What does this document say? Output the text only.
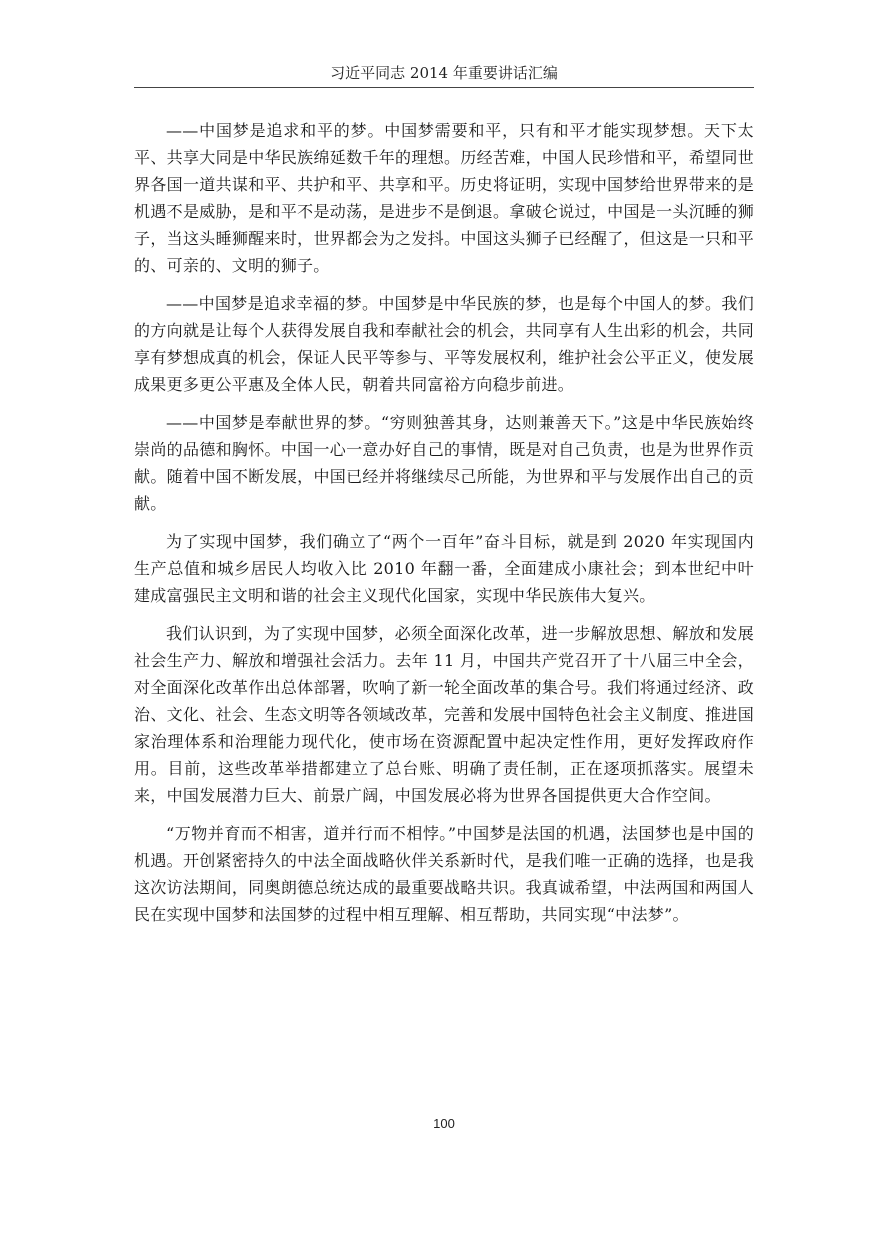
习近平同志 2014 年重要讲话汇编

——中国梦是追求和平的梦。中国梦需要和平，只有和平才能实现梦想。天下太平、共享大同是中华民族绵延数千年的理想。历经苦难，中国人民珍惜和平，希望同世界各国一道共谋和平、共护和平、共享和平。历史将证明，实现中国梦给世界带来的是机遇不是威胁，是和平不是动荡，是进步不是倒退。拿破仑说过，中国是一头沉睡的狮子，当这头睡狮醒来时，世界都会为之发抖。中国这头狮子已经醒了，但这是一只和平的、可亲的、文明的狮子。

——中国梦是追求幸福的梦。中国梦是中华民族的梦，也是每个中国人的梦。我们的方向就是让每个人获得发展自我和奉献社会的机会，共同享有人生出彩的机会，共同享有梦想成真的机会，保证人民平等参与、平等发展权利，维护社会公平正义，使发展成果更多更公平惠及全体人民，朝着共同富裕方向稳步前进。

——中国梦是奉献世界的梦。“穷则独善其身，达则兼善天下。”这是中华民族始终崇尚的品德和胸怀。中国一心一意办好自己的事情，既是对自己负责，也是为世界作贡献。随着中国不断发展，中国已经并将继续尽己所能，为世界和平与发展作出自己的贡献。

为了实现中国梦，我们确立了“两个一百年”奋斗目标，就是到 2020 年实现国内生产总值和城乡居民人均收入比 2010 年翻一番，全面建成小康社会；到本世纪中叶建成富强民主文明和谐的社会主义现代化国家，实现中华民族伟大复兴。

我们认识到，为了实现中国梦，必须全面深化改革，进一步解放思想、解放和发展社会生产力、解放和增强社会活力。去年 11 月，中国共产党召开了十八届三中全会，对全面深化改革作出总体部署，吹响了新一轮全面改革的集合号。我们将通过经济、政治、文化、社会、生态文明等各领域改革，完善和发展中国特色社会主义制度、推进国家治理体系和治理能力现代化，使市场在资源配置中起决定性作用，更好发挥政府作用。目前，这些改革举措都建立了总台账、明确了责任制，正在逐项抓落实。展望未来，中国发展潜力巨大、前景广阔，中国发展必将为世界各国提供更大合作空间。

“万物并育而不相害，道并行而不相悖。”中国梦是法国的机遇，法国梦也是中国的机遇。开创紧密持久的中法全面战略伙伴关系新时代，是我们唯一正确的选择，也是我这次访法期间，同奥朗德总统达成的最重要战略共识。我真诚希望，中法两国和两国人民在实现中国梦和法国梦的过程中相互理解、相互帮助，共同实现“中法梦”。

100
